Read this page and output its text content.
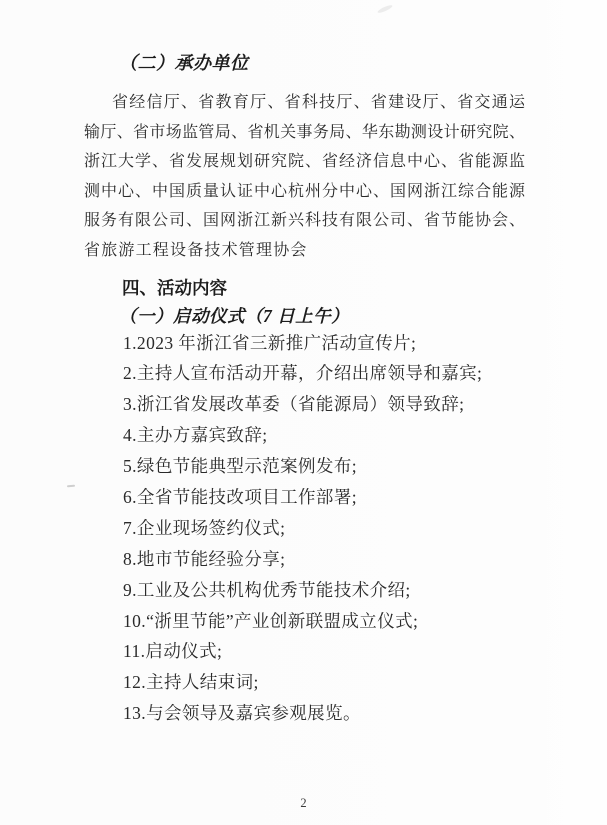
（二）承办单位
省经信厅、省教育厅、省科技厅、省建设厅、省交通运
输厅、省市场监管局、省机关事务局、华东勘测设计研究院、
浙江大学、省发展规划研究院、省经济信息中心、省能源监
测中心、中国质量认证中心杭州分中心、国网浙江综合能源
服务有限公司、国网浙江新兴科技有限公司、省节能协会、
省旅游工程设备技术管理协会
四、活动内容
（一）启动仪式（7 日上午）
1.2023 年浙江省三新推广活动宣传片;
2.主持人宣布活动开幕，介绍出席领导和嘉宾;
3.浙江省发展改革委（省能源局）领导致辞;
4.主办方嘉宾致辞;
5.绿色节能典型示范案例发布;
6.全省节能技改项目工作部署;
7.企业现场签约仪式;
8.地市节能经验分享;
9.工业及公共机构优秀节能技术介绍;
10.“浙里节能”产业创新联盟成立仪式;
11.启动仪式;
12.主持人结束词;
13.与会领导及嘉宾参观展览。
2
